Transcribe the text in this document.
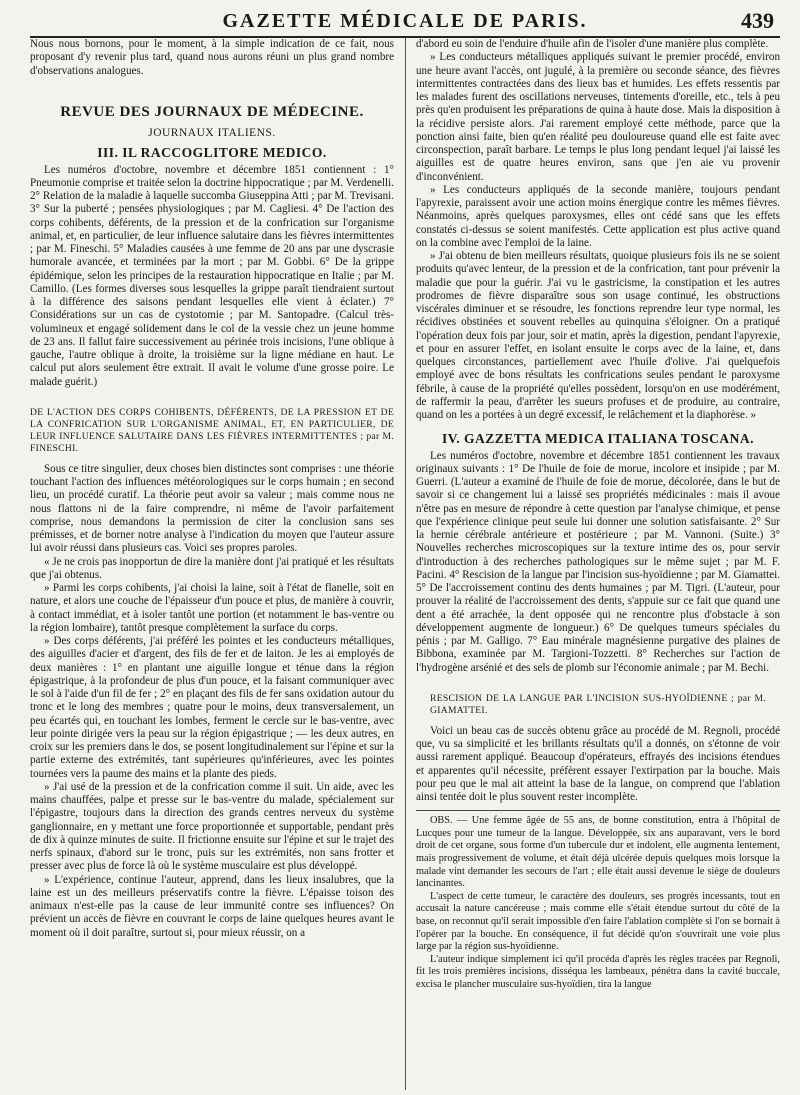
GAZETTE MÉDICALE DE PARIS.	439

Nous nous bornons, pour le moment, à la simple indication de ce fait, nous proposant d'y revenir plus tard, quand nous aurons réuni un plus grand nombre d'observations analogues.

REVUE DES JOURNAUX DE MÉDECINE.
JOURNAUX ITALIENS.
III. IL RACCOGLITORE MEDICO.

Les numéros d'octobre, novembre et décembre 1851 contiennent : 1° Pneumonie comprise et traitée selon la doctrine hippocratique ; par M. Verdenelli. 2° Relation de la maladie à laquelle succomba Giuseppina Atti ; par M. Trevisani. 3° Sur la puberté ; pensées physiologiques ; par M. Cagliesi. 4° De l'action des corps cohibents, déférents, de la pression et de la confrication sur l'organisme animal, et, en particulier, de leur influence salutaire dans les fièvres intermittentes ; par M. Fineschi. 5° Maladies causées à une femme de 20 ans par une dyscrasie humorale avancée, et terminées par la mort ; par M. Gobbi. 6° De la grippe épidémique, selon les principes de la restauration hippocratique en Italie ; par M. Camillo. (Les formes diverses sous lesquelles la grippe paraît tiendraient surtout à la différence des saisons pendant lesquelles elle vient à éclater.) 7° Considérations sur un cas de cystotomie ; par M. Santopadre. (Calcul très-volumineux et engagé solidement dans le col de la vessie chez un jeune homme de 23 ans. Il fallut faire successivement au périnée trois incisions, l'une oblique à gauche, l'autre oblique à droite, la troisième sur la ligne médiane en haut. Le calcul put alors seulement être extrait. Il avait le volume d'une grosse poire. Le malade guérit.)

DE L'ACTION DES CORPS COHIBENTS, DÉFÉRENTS, DE LA PRESSION ET DE LA CONFRICATION SUR L'ORGANISME ANIMAL, ET, EN PARTICULIER, DE LEUR INFLUENCE SALUTAIRE DANS LES FIÈVRES INTERMITTENTES ; par M. FINESCHI.

Sous ce titre singulier, deux choses bien distinctes sont comprises : une théorie touchant l'action des influences météorologiques sur le corps humain ; en second lieu, un procédé curatif. La théorie peut avoir sa valeur ; mais comme nous ne nous flattons ni de la faire comprendre, ni même de l'avoir parfaitement comprise, nous demandons la permission de citer la conclusion sans ses prémisses, et de borner notre analyse à l'indication du moyen que l'auteur assure lui avoir réussi dans plusieurs cas. Voici ses propres paroles.

« Je ne crois pas inopportun de dire la manière dont j'ai pratiqué et les résultats que j'ai obtenus.

» Parmi les corps cohibents, j'ai choisi la laine, soit à l'état de flanelle, soit en nature, et alors une couche de l'épaisseur d'un pouce et plus, de manière à couvrir, à contact immédiat, et à isoler tantôt une portion (et notamment le bas-ventre ou la région lombaire), tantôt presque complètement la surface du corps.

» Des corps déférents, j'ai préféré les pointes et les conducteurs métalliques, des aiguilles d'acier et d'argent, des fils de fer et de laiton. Je les ai employés de deux manières : 1° en plantant une aiguille longue et ténue dans la région épigastrique, à la profondeur de plus d'un pouce, et la faisant communiquer avec le sol à l'aide d'un fil de fer ; 2° en plaçant des fils de fer sans oxidation autour du tronc et le long des membres ; quatre pour le moins, deux transversalement, un peu écartés qui, en touchant les lombes, ferment le cercle sur le bas-ventre, avec leur pointe dirigée vers la peau sur la région épigastrique ; — les deux autres, en croix sur les premiers dans le dos, se posent longitudinalement sur l'épine et sur la partie externe des extrémités, tant supérieures qu'inférieures, avec les pointes tournées vers la paume des mains et la plante des pieds.

» J'ai usé de la pression et de la confrication comme il suit. Un aide, avec les mains chauffées, palpe et presse sur le bas-ventre du malade, spécialement sur l'épigastre, toujours dans la direction des grands centres nerveux du système ganglionnaire, en y mettant une force proportionnée et supportable, pendant près de dix à quinze minutes de suite. Il frictionne ensuite sur l'épine et sur le trajet des nerfs spinaux, d'abord sur le tronc, puis sur les extrémités, non sans frotter et presser avec plus de force là où le système musculaire est plus développé.

» L'expérience, continue l'auteur, apprend, dans les lieux insalubres, que la laine est un des meilleurs préservatifs contre la fièvre. L'épaisse toison des animaux n'est-elle pas la cause de leur immunité contre ses influences? On prévient un accès de fièvre en couvrant le corps de laine quelques heures avant le moment où il doit paraître, surtout si, pour mieux réussir, on a

d'abord eu soin de l'enduire d'huile afin de l'isoler d'une manière plus complète.

» Les conducteurs métalliques appliqués suivant le premier procédé, environ une heure avant l'accès, ont jugulé, à la première ou seconde séance, des fièvres intermittentes contractées dans des lieux bas et humides. Les effets ressentis par les malades furent des oscillations nerveuses, tintements d'oreille, etc., tels à peu près qu'en produisent les préparations de quina à haute dose. Mais la disposition à la récidive persiste alors. J'ai rarement employé cette méthode, parce que la ponction ainsi faite, bien qu'en réalité peu douloureuse quand elle est faite avec circonspection, paraît barbare. Le temps le plus long pendant lequel j'ai laissé les aiguilles est de quatre heures environ, sans que j'en aie vu provenir d'inconvénient.

» Les conducteurs appliqués de la seconde manière, toujours pendant l'apyrexie, paraissent avoir une action moins énergique contre les mêmes fièvres. Néanmoins, après quelques paroxysmes, elles ont cédé sans que les effets constatés ci-dessus se soient manifestés. Cette application est plus active quand on la combine avec l'emploi de la laine.

» J'ai obtenu de bien meilleurs résultats, quoique plusieurs fois ils ne se soient produits qu'avec lenteur, de la pression et de la confrication, tant pour prévenir la maladie que pour la guérir. J'ai vu le gastricisme, la constipation et les autres prodromes de fièvre disparaître sous son usage continué, les obstructions viscérales diminuer et se résoudre, les fonctions reprendre leur type normal, les récidives obstinées et souvent rebelles au quinquina s'éloigner. On a pratiqué l'opération deux fois par jour, soir et matin, après la digestion, pendant l'apyrexie, et pour en assurer l'effet, en isolant ensuite le corps avec de la laine, et, dans quelques circonstances, partiellement avec l'huile d'olive. J'ai quelquefois employé avec de bons résultats les confrications seules pendant le paroxysme fébrile, à cause de la propriété qu'elles possèdent, lorsqu'on en use modérément, de raffermir la peau, d'arrêter les sueurs profuses et de produire, au contraire, quand on les a portées à un degré excessif, le relâchement et la diaphorèse. »

IV. GAZZETTA MEDICA ITALIANA TOSCANA.

Les numéros d'octobre, novembre et décembre 1851 contiennent les travaux originaux suivants : 1° De l'huile de foie de morue, incolore et insipide ; par M. Guerri. (L'auteur a examiné de l'huile de foie de morue, décolorée, dans le but de savoir si ce changement lui a laissé ses propriétés médicinales : mais il avoue n'être pas en mesure de répondre à cette question par l'analyse chimique, et pense que l'expérience clinique peut seule lui donner une solution satisfaisante. 2° Sur la hernie cérébrale antérieure et postérieure ; par M. Vannoni. (Suite.) 3° Nouvelles recherches microscopiques sur la texture intime des os, pour servir d'introduction à des recherches pathologiques sur le même sujet ; par M. F. Pacini. 4° Rescision de la langue par l'incision sus-hyoïdienne ; par M. Giamattei. 5° De l'accroissement continu des dents humaines ; par M. Tigri. (L'auteur, pour prouver la réalité de l'accroissement des dents, s'appuie sur ce fait que quand une dent a été arrachée, la dent opposée qui ne rencontre plus d'obstacle à son développement augmente de longueur.) 6° De quelques tumeurs spéciales du pénis ; par M. Galligo. 7° Eau minérale magnésienne purgative des plaines de Bibbona, examinée par M. Targioni-Tozzetti. 8° Recherches sur l'action de l'hydrogène arsénié et des sels de plomb sur l'économie animale ; par M. Bechi.

RESCISION DE LA LANGUE PAR L'INCISION SUS-HYOÏDIENNE ; par M. GIAMATTEI.

Voici un beau cas de succès obtenu grâce au procédé de M. Regnoli, procédé que, vu sa simplicité et les brillants résultats qu'il a donnés, on s'étonne de voir aussi rarement appliqué. Beaucoup d'opérateurs, effrayés des incisions étendues et apparentes qu'il nécessite, préfèrent essayer l'extirpation par la bouche. Mais pour peu que le mal ait atteint la base de la langue, on comprend que l'ablation ainsi tentée doit le plus souvent rester incomplète.

OBS. — Une femme âgée de 55 ans, de bonne constitution, entra à l'hôpital de Lucques pour une tumeur de la langue. Développée, six ans auparavant, vers le bord droit de cet organe, sous forme d'un tubercule dur et indolent, elle augmenta lentement, mais progressivement de volume, et était déjà ulcérée depuis quelques mois lorsque la malade vint demander les secours de l'art ; elle était aussi devenue le siège de douleurs lancinantes.

L'aspect de cette tumeur, le caractère des douleurs, ses progrès incessants, tout en accusait la nature cancéreuse ; mais comme elle s'était étendue surtout du côté de la base, on reconnut qu'il serait impossible d'en faire l'ablation complète si l'on se bornait à l'opérer par la bouche. En conséquence, il fut décidé qu'on s'ouvrirait une voie plus large par la région sus-hyoïdienne.

L'auteur indique simplement ici qu'il procéda d'après les règles tracées par Regnoli, fit les trois premières incisions, disséqua les lambeaux, pénétra dans la cavité buccale, excisa le plancher musculaire sus-hyoïdien, tira la langue
